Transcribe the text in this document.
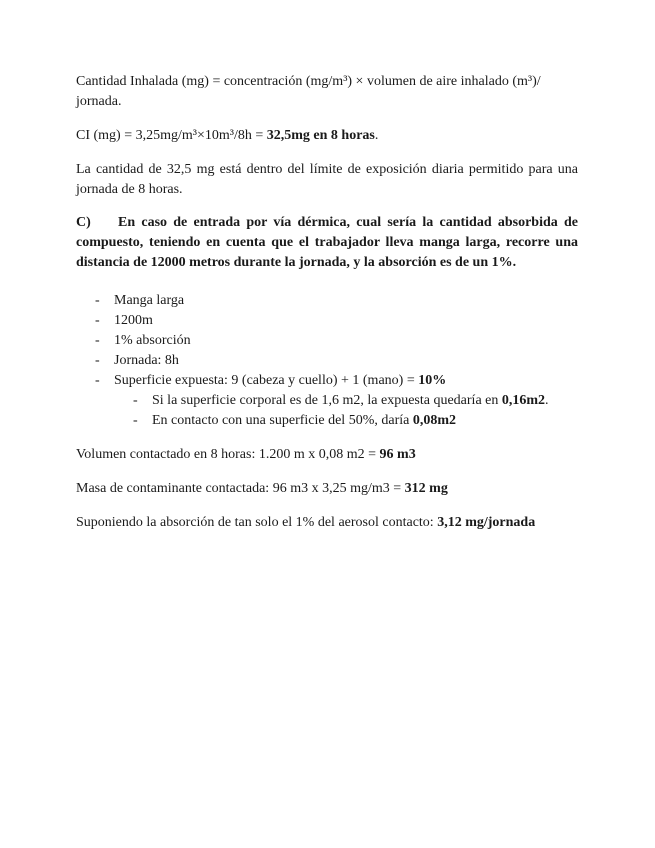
Cantidad Inhalada (mg) = concentración (mg/m³) × volumen de aire inhalado (m³)/ jornada.

CI (mg) = 3,25mg/m³×10m³/8h = 32,5mg en 8 horas.

La cantidad de 32,5 mg está dentro del límite de exposición diaria permitido para una jornada de 8 horas.

C) En caso de entrada por vía dérmica, cual sería la cantidad absorbida de compuesto, teniendo en cuenta que el trabajador lleva manga larga, recorre una distancia de 12000 metros durante la jornada, y la absorción es de un 1%.

- Manga larga
- 1200m
- 1% absorción
- Jornada: 8h
- Superficie expuesta: 9 (cabeza y cuello) + 1 (mano) = 10%
- Si la superficie corporal es de 1,6 m2, la expuesta quedaría en 0,16m2.
- En contacto con una superficie del 50%, daría 0,08m2

Volumen contactado en 8 horas: 1.200 m x 0,08 m2 = 96 m3

Masa de contaminante contactada: 96 m3 x 3,25 mg/m3 = 312 mg

Suponiendo la absorción de tan solo el 1% del aerosol contacto: 3,12 mg/jornada
